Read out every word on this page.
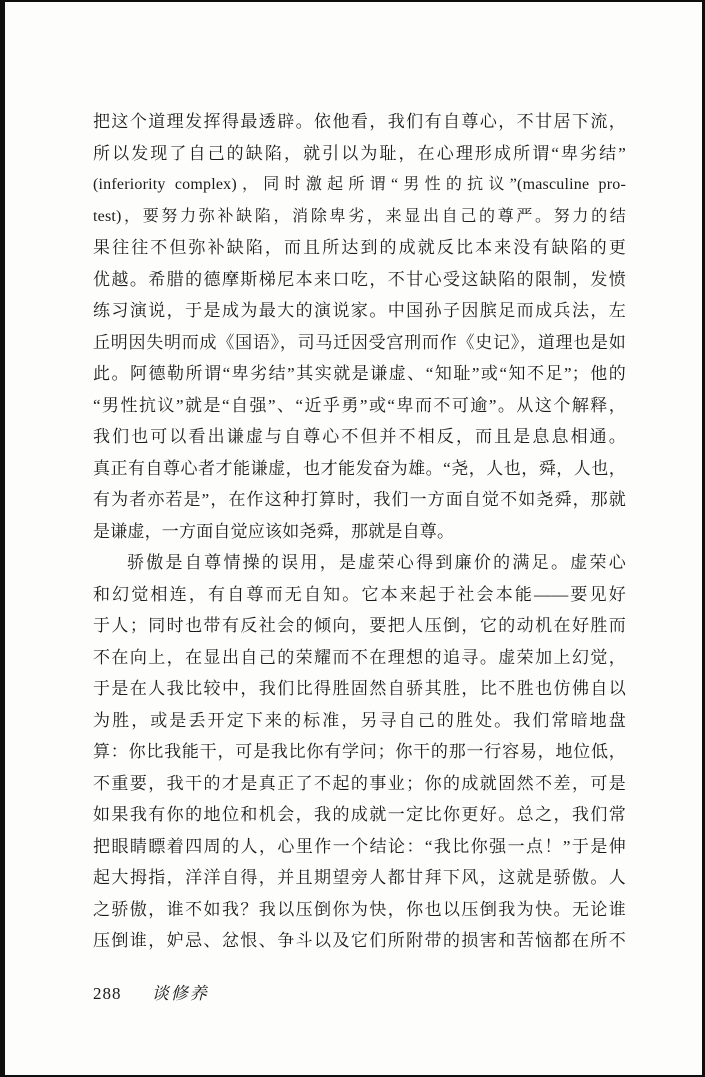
把这个道理发挥得最透辟。依他看，我们有自尊心，不甘居下流，

所以发现了自己的缺陷，就引以为耻，在心理形成所谓“卑劣结”

(inferiority complex)，同时激起所谓“男性的抗议”(masculine pro-

test)，要努力弥补缺陷，消除卑劣，来显出自己的尊严。努力的结

果往往不但弥补缺陷，而且所达到的成就反比本来没有缺陷的更

优越。希腊的德摩斯梯尼本来口吃，不甘心受这缺陷的限制，发愤

练习演说，于是成为最大的演说家。中国孙子因膑足而成兵法，左

丘明因失明而成《国语》，司马迁因受宫刑而作《史记》，道理也是如

此。阿德勒所谓“卑劣结”其实就是谦虚、“知耻”或“知不足”；他的

“男性抗议”就是“自强”、“近乎勇”或“卑而不可逾”。从这个解释，

我们也可以看出谦虚与自尊心不但并不相反，而且是息息相通。

真正有自尊心者才能谦虚，也才能发奋为雄。“尧，人也，舜，人也，

有为者亦若是”，在作这种打算时，我们一方面自觉不如尧舜，那就

是谦虚，一方面自觉应该如尧舜，那就是自尊。

骄傲是自尊情操的误用，是虚荣心得到廉价的满足。虚荣心

和幻觉相连，有自尊而无自知。它本来起于社会本能——要见好

于人；同时也带有反社会的倾向，要把人压倒，它的动机在好胜而

不在向上，在显出自己的荣耀而不在理想的追寻。虚荣加上幻觉，

于是在人我比较中，我们比得胜固然自骄其胜，比不胜也仿佛自以

为胜，或是丢开定下来的标准，另寻自己的胜处。我们常暗地盘

算：你比我能干，可是我比你有学问；你干的那一行容易，地位低，

不重要，我干的才是真正了不起的事业；你的成就固然不差，可是

如果我有你的地位和机会，我的成就一定比你更好。总之，我们常

把眼睛瞟着四周的人，心里作一个结论：“我比你强一点！”于是伸

起大拇指，洋洋自得，并且期望旁人都甘拜下风，这就是骄傲。人

之骄傲，谁不如我？我以压倒你为快，你也以压倒我为快。无论谁

压倒谁，妒忌、忿恨、争斗以及它们所附带的损害和苦恼都在所不

288 谈修养
